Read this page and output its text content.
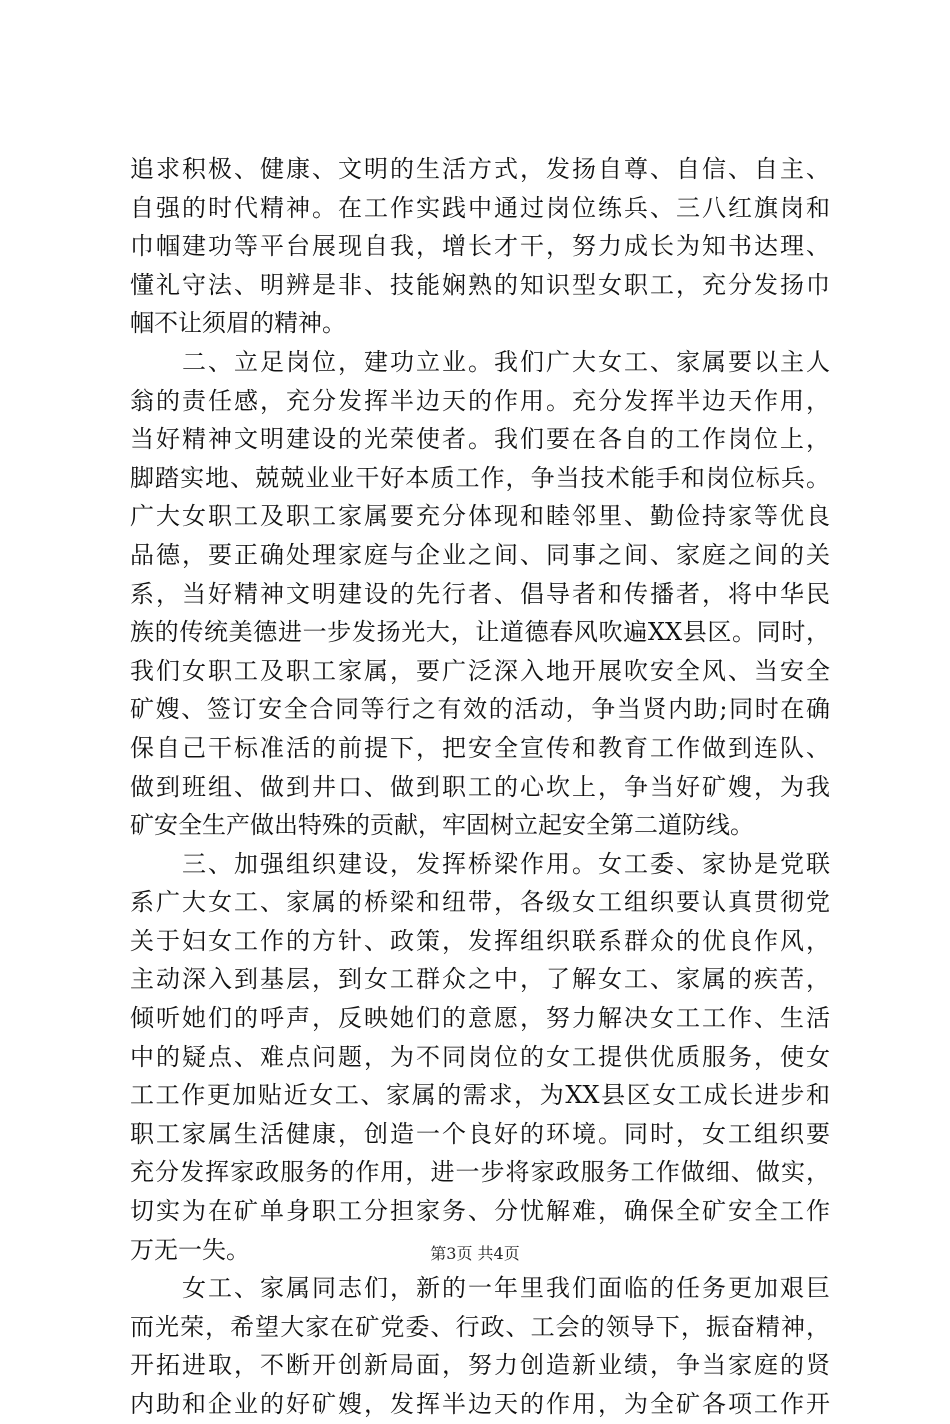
追求积极、健康、文明的生活方式，发扬自尊、自信、自主、
自强的时代精神。在工作实践中通过岗位练兵、三八红旗岗和
巾帼建功等平台展现自我，增长才干，努力成长为知书达理、
懂礼守法、明辨是非、技能娴熟的知识型女职工，充分发扬巾
帼不让须眉的精神。
二、立足岗位，建功立业。我们广大女工、家属要以主人
翁的责任感，充分发挥半边天的作用。充分发挥半边天作用，
当好精神文明建设的光荣使者。我们要在各自的工作岗位上，
脚踏实地、兢兢业业干好本质工作，争当技术能手和岗位标兵。
广大女职工及职工家属要充分体现和睦邻里、勤俭持家等优良
品德，要正确处理家庭与企业之间、同事之间、家庭之间的关
系，当好精神文明建设的先行者、倡导者和传播者，将中华民
族的传统美德进一步发扬光大，让道德春风吹遍XX县区。同时，
我们女职工及职工家属，要广泛深入地开展吹安全风、当安全
矿嫂、签订安全合同等行之有效的活动，争当贤内助;同时在确
保自己干标准活的前提下，把安全宣传和教育工作做到连队、
做到班组、做到井口、做到职工的心坎上，争当好矿嫂，为我
矿安全生产做出特殊的贡献，牢固树立起安全第二道防线。
三、加强组织建设，发挥桥梁作用。女工委、家协是党联
系广大女工、家属的桥梁和纽带，各级女工组织要认真贯彻党
关于妇女工作的方针、政策，发挥组织联系群众的优良作风，
主动深入到基层，到女工群众之中，了解女工、家属的疾苦，
倾听她们的呼声，反映她们的意愿，努力解决女工工作、生活
中的疑点、难点问题，为不同岗位的女工提供优质服务，使女
工工作更加贴近女工、家属的需求，为XX县区女工成长进步和
职工家属生活健康，创造一个良好的环境。同时，女工组织要
充分发挥家政服务的作用，进一步将家政服务工作做细、做实，
切实为在矿单身职工分担家务、分忧解难，确保全矿安全工作
万无一失。
女工、家属同志们，新的一年里我们面临的任务更加艰巨
而光荣，希望大家在矿党委、行政、工会的领导下，振奋精神，
开拓进取，不断开创新局面，努力创造新业绩，争当家庭的贤
内助和企业的好矿嫂，发挥半边天的作用，为全矿各项工作开
第3页 共4页
